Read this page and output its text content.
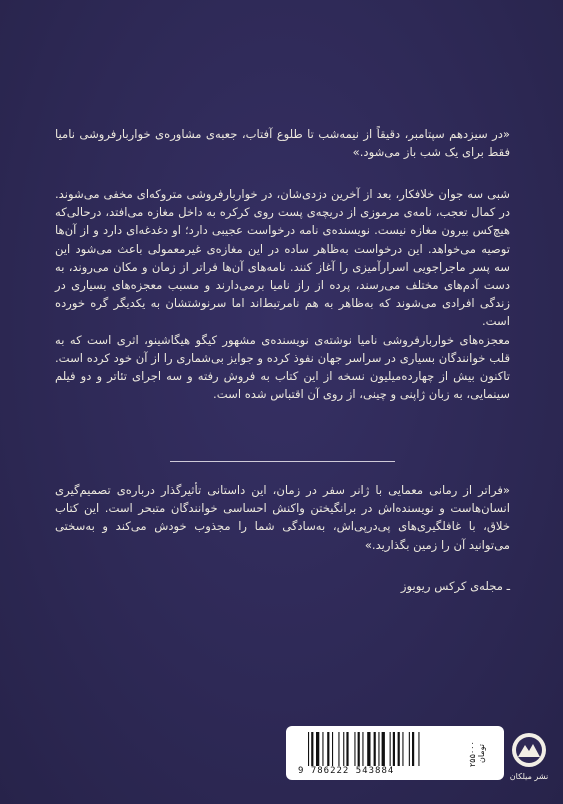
«در سیزدهم سپتامبر، دقیقاً از نیمه‌شب تا طلوع آفتاب، جعبه‌ی مشاوره‌ی خواربارفروشی نامیا فقط برای یک شب باز می‌شود.»

شبی سه جوان خلافکار، بعد از آخرین دزدی‌شان، در خواربارفروشی متروکه‌ای مخفی می‌شوند. در کمال تعجب، نامه‌ی مرموزی از دریچه‌ی پست روی کرکره به داخل مغازه می‌افتد، درحالی‌که هیچ‌کس بیرون مغازه نیست. نویسنده‌ی نامه درخواست عجیبی دارد؛ او دغدغه‌ای دارد و از آن‌ها توصیه می‌خواهد. این درخواست به‌ظاهر ساده در این مغازه‌ی غیرمعمولی باعث می‌شود این سه پسر ماجراجویی اسرارآمیزی را آغاز کنند. نامه‌های آن‌ها فراتر از زمان و مکان می‌روند، به دست آدم‌های مختلف می‌رسند، پرده از راز نامیا برمی‌دارند و مسبب معجزه‌های بسیاری در زندگی افرادی می‌شوند که به‌ظاهر به هم نامرتبط‌اند اما سرنوشتشان به یکدیگر گره خورده است.

معجزه‌های خواربارفروشی نامیا نوشته‌ی نویسنده‌ی مشهور کیگو هیگاشینو، اثری است که به قلب خوانندگان بسیاری در سراسر جهان نفوذ کرده و جوایز بی‌شماری را از آن خود کرده است. تاکنون بیش از چهارده‌میلیون نسخه از این کتاب به فروش رفته و سه اجرای تئاتر و دو فیلم سینمایی، به زبان ژاپنی و چینی، از روی آن اقتباس شده است.

«فراتر از رمانی معمایی با ژانر سفر در زمان، این داستانی تأثیرگذار درباره‌ی تصمیم‌گیری انسان‌هاست و نویسنده‌اش در برانگیختن واکنش احساسی خوانندگان متبحر است. این کتاب خلاق، با غافلگیری‌های پی‌درپی‌اش، به‌سادگی شما را مجذوب خودش می‌کند و به‌سختی می‌توانید آن را زمین بگذارید.»

ـ مجله‌ی کرکس ریویوز
9 786222 543884
۲۵۵۰۰۰ تومان
نشر میلکان
